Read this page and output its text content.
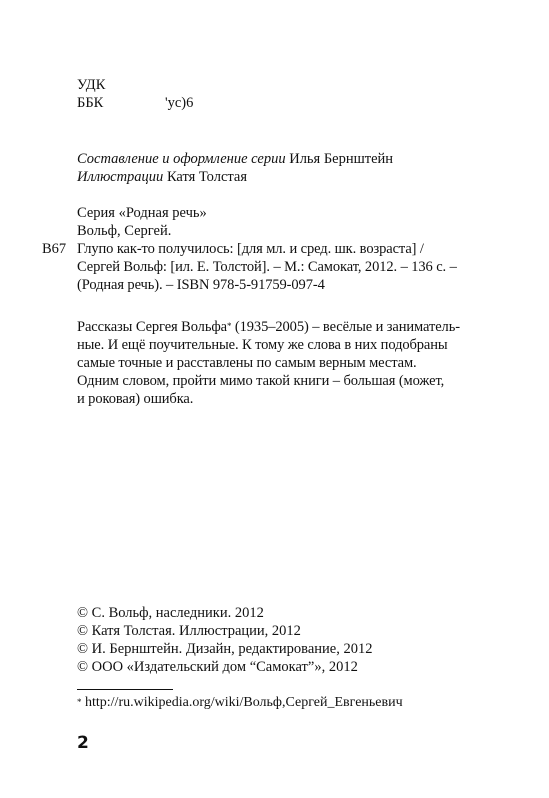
УДК
ББК	'ус)6
Составление и оформление серии Илья Бернштейн
Иллюстрации Катя Толстая
Серия «Родная речь»
Вольф, Сергей.
Глупо как-то получилось: [для мл. и сред. шк. возраста] /
Сергей Вольф: [ил. Е. Толстой]. – М.: Самокат, 2012. – 136 с. –
(Родная речь). – ISBN 978-5-91759-097-4
В67
Рассказы Сергея Вольфа* (1935–2005) – весёлые и заниматель-
ные. И ещё поучительные. К тому же слова в них подобраны
самые точные и расставлены по самым верным местам.
Одним словом, пройти мимо такой книги – большая (может,
и роковая) ошибка.
© С. Вольф, наследники. 2012
© Катя Толстая. Иллюстрации, 2012
© И. Бернштейн. Дизайн, редактирование, 2012
© ООО «Издательский дом “Самокат”», 2012
* http://ru.wikipedia.org/wiki/Вольф,Сергей_Евгеньевич
2
